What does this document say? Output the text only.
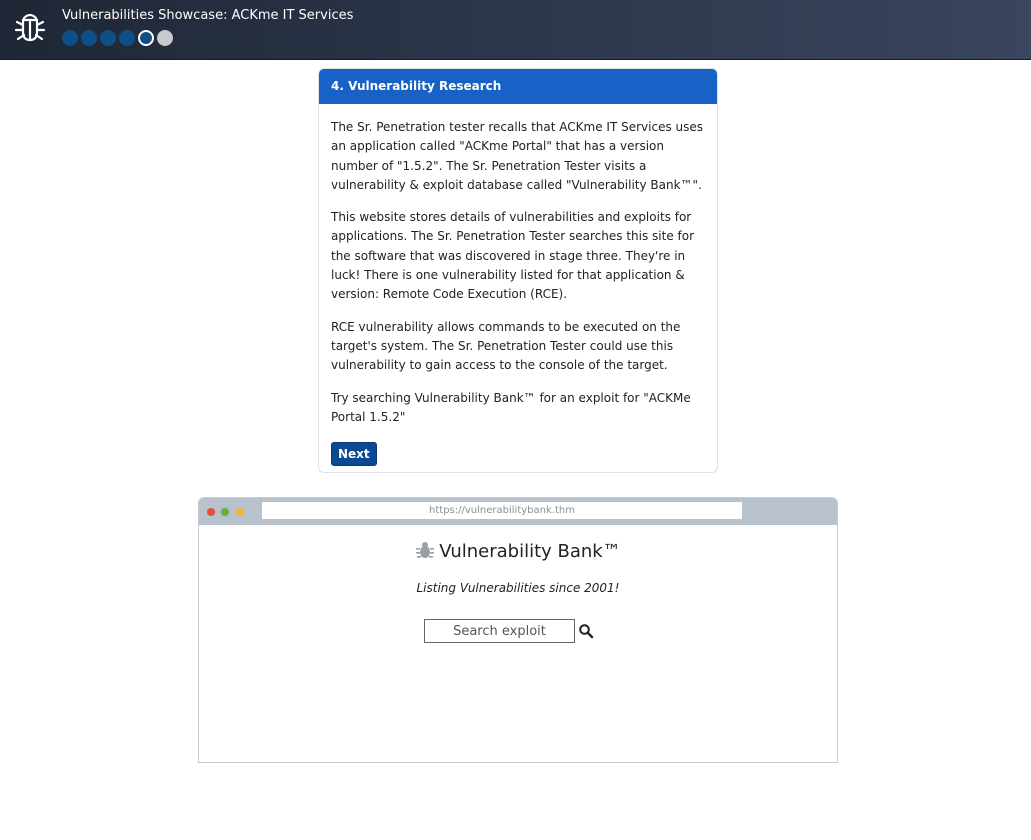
Vulnerabilities Showcase: ACKme IT Services
4. Vulnerability Research

The Sr. Penetration tester recalls that ACKme IT Services uses an application called "ACKme Portal" that has a version number of "1.5.2". The Sr. Penetration Tester visits a vulnerability & exploit database called "Vulnerability Bank™".

This website stores details of vulnerabilities and exploits for applications. The Sr. Penetration Tester searches this site for the software that was discovered in stage three. They're in luck! There is one vulnerability listed for that application & version: Remote Code Execution (RCE).

RCE vulnerability allows commands to be executed on the target's system. The Sr. Penetration Tester could use this vulnerability to gain access to the console of the target.

Try searching Vulnerability Bank™ for an exploit for "ACKMe Portal 1.5.2"

Next
https://vulnerabilitybank.thm
Vulnerability Bank™
Listing Vulnerabilities since 2001!
Search exploit
